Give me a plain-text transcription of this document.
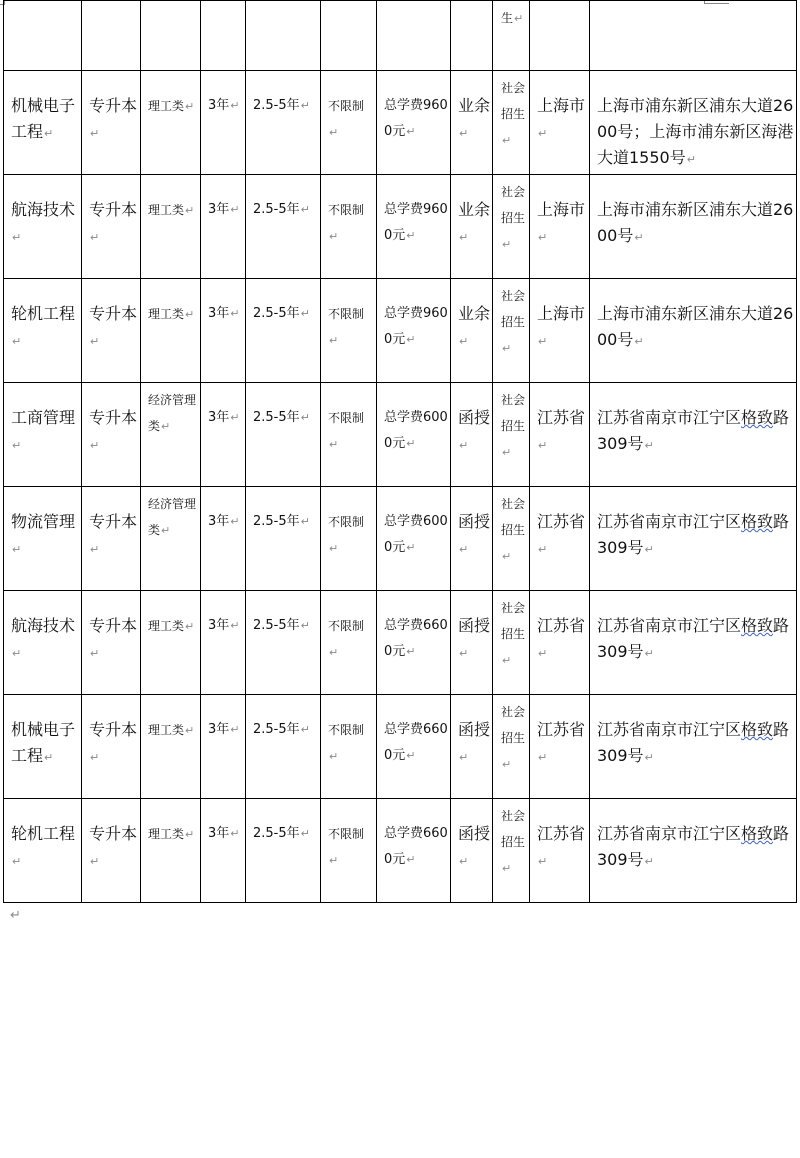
								生↵		
机械电子工程↵	专升本↵	理工类↵	3年↵	2.5-5年↵	不限制↵	总学费9600元↵	业余↵	社会招生↵	上海市↵	上海市浦东新区浦东大道2600号；上海市浦东新区海港大道1550号↵
航海技术↵	专升本↵	理工类↵	3年↵	2.5-5年↵	不限制↵	总学费9600元↵	业余↵	社会招生↵	上海市↵	上海市浦东新区浦东大道2600号↵
轮机工程↵	专升本↵	理工类↵	3年↵	2.5-5年↵	不限制↵	总学费9600元↵	业余↵	社会招生↵	上海市↵	上海市浦东新区浦东大道2600号↵
工商管理↵	专升本↵	经济管理类↵	3年↵	2.5-5年↵	不限制↵	总学费6000元↵	函授↵	社会招生↵	江苏省↵	江苏省南京市江宁区格致路309号↵
物流管理↵	专升本↵	经济管理类↵	3年↵	2.5-5年↵	不限制↵	总学费6000元↵	函授↵	社会招生↵	江苏省↵	江苏省南京市江宁区格致路309号↵
航海技术↵	专升本↵	理工类↵	3年↵	2.5-5年↵	不限制↵	总学费6600元↵	函授↵	社会招生↵	江苏省↵	江苏省南京市江宁区格致路309号↵
机械电子工程↵	专升本↵	理工类↵	3年↵	2.5-5年↵	不限制↵	总学费6600元↵	函授↵	社会招生↵	江苏省↵	江苏省南京市江宁区格致路309号↵
轮机工程↵	专升本↵	理工类↵	3年↵	2.5-5年↵	不限制↵	总学费6600元↵	函授↵	社会招生↵	江苏省↵	江苏省南京市江宁区格致路309号↵
↵
